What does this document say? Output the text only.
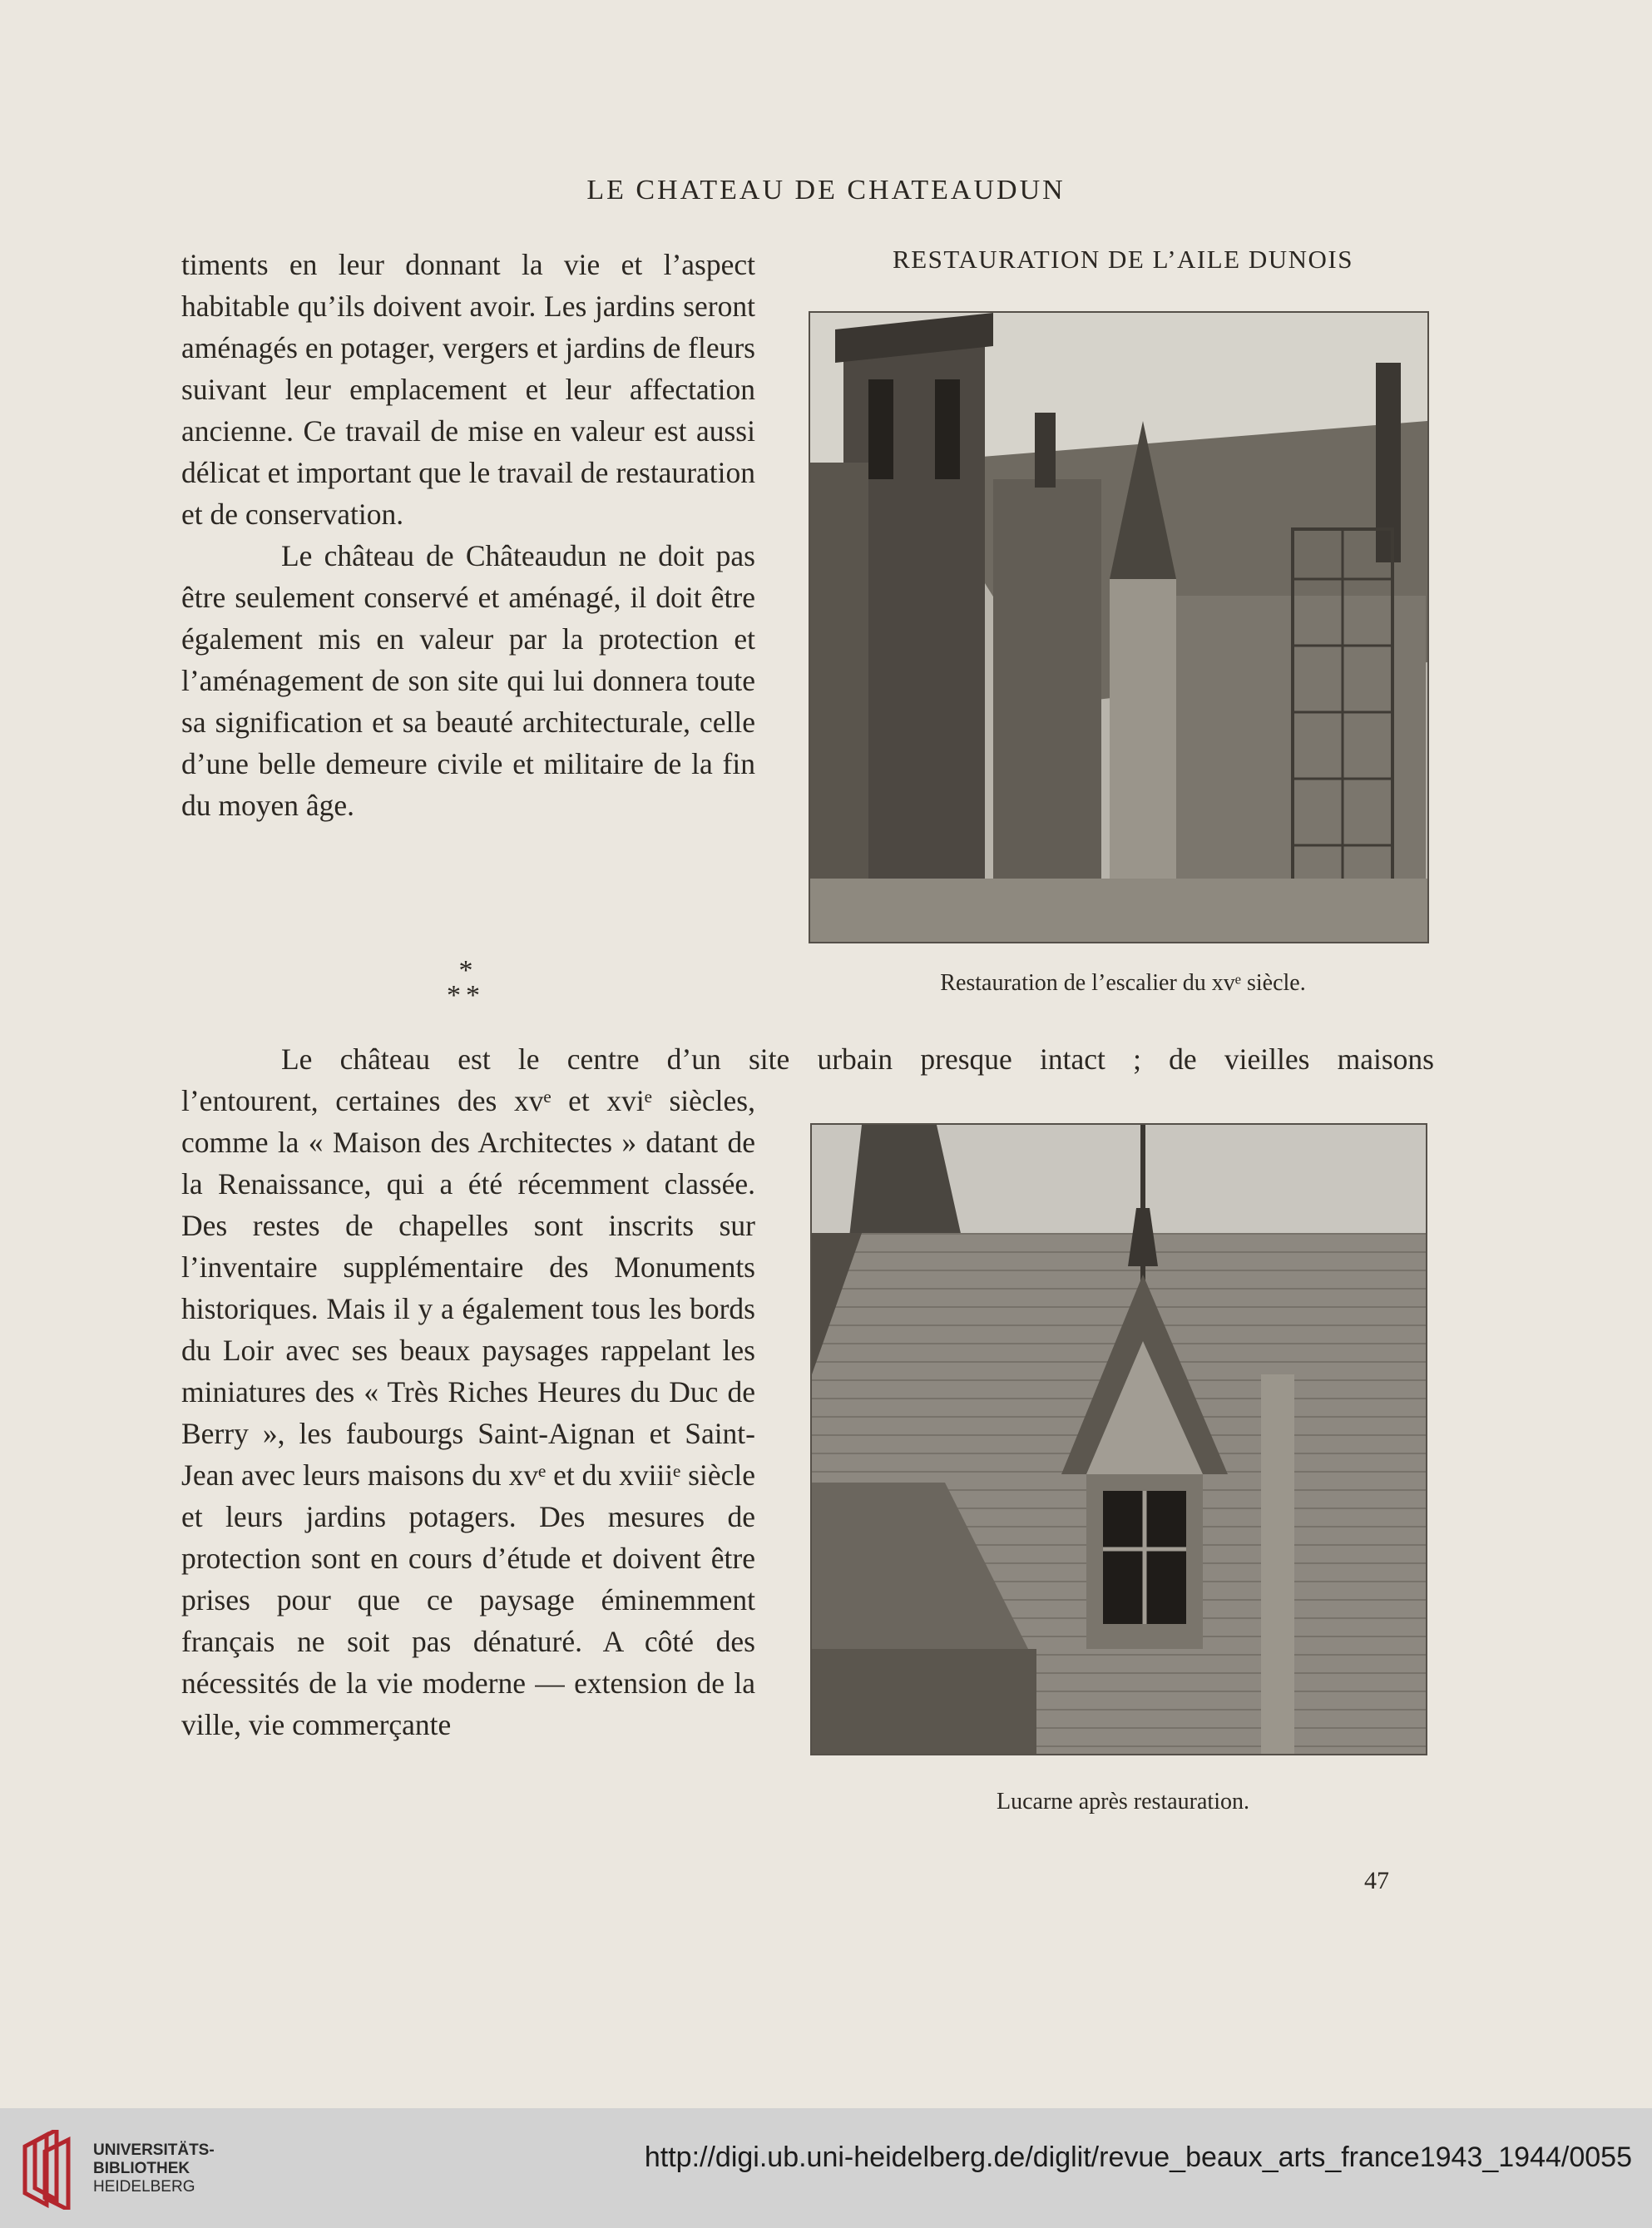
LE CHATEAU DE CHATEAUDUN

timents en leur donnant la vie et l’aspect habitable qu’ils doivent avoir. Les jardins seront aménagés en potager, vergers et jardins de fleurs suivant leur emplacement et leur affectation ancienne. Ce travail de mise en valeur est aussi délicat et important que le travail de restauration et de conservation.

Le château de Châteaudun ne doit pas être seulement conservé et aménagé, il doit être également mis en valeur par la protection et l’aménagement de son site qui lui donnera toute sa signification et sa beauté architecturale, celle d’une belle demeure civile et militaire de la fin du moyen âge.

*
**

Le château est le centre d’un site urbain presque intact ; de vieilles maisons

l’entourent, certaines des xvᵉ et xviᵉ siècles, comme la « Maison des Architectes » datant de la Renaissance, qui a été récemment classée. Des restes de chapelles sont inscrits sur l’inventaire supplémentaire des Monuments historiques. Mais il y a également tous les bords du Loir avec ses beaux paysages rappelant les miniatures des « Très Riches Heures du Duc de Berry », les faubourgs Saint-Aignan et Saint-Jean avec leurs maisons du xvᵉ et du xviiiᵉ siècle et leurs jardins potagers. Des mesures de protection sont en cours d’étude et doivent être prises pour que ce paysage éminemment français ne soit pas dénaturé. A côté des nécessités de la vie moderne — extension de la ville, vie commerçante

RESTAURATION DE L’AILE DUNOIS
Restauration de l’escalier du xvᵉ siècle.
Lucarne après restauration.
47
UNIVERSITÄTS-
BIBLIOTHEK
HEIDELBERG
http://digi.ub.uni-heidelberg.de/diglit/revue_beaux_arts_france1943_1944/0055
